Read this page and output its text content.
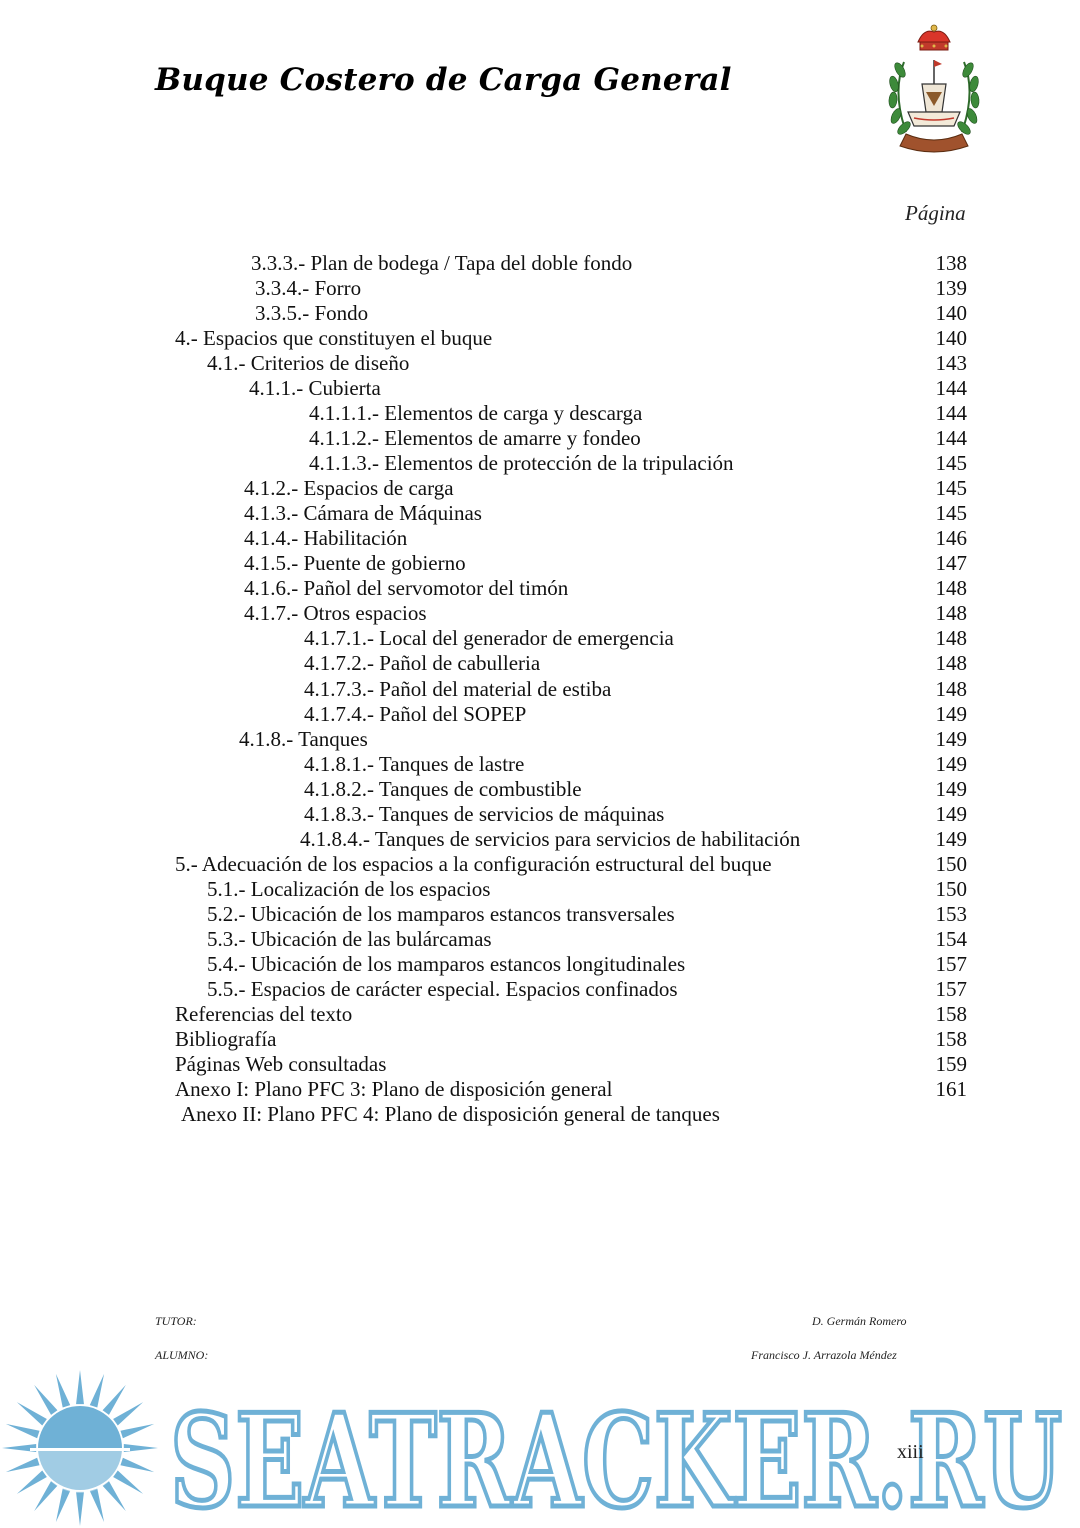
Buque Costero de Carga General
Página
3.3.3.- Plan de bodega / Tapa del doble fondo	138
3.3.4.- Forro	139
3.3.5.- Fondo	140
4.- Espacios que constituyen el buque	140
4.1.- Criterios de diseño	143
4.1.1.- Cubierta	144
4.1.1.1.- Elementos de carga y descarga	144
4.1.1.2.- Elementos de amarre y fondeo	144
4.1.1.3.- Elementos de protección de la tripulación	145
4.1.2.- Espacios de carga	145
4.1.3.- Cámara de Máquinas	145
4.1.4.- Habilitación	146
4.1.5.- Puente de gobierno	147
4.1.6.- Pañol del servomotor del timón	148
4.1.7.- Otros espacios	148
4.1.7.1.- Local del generador de emergencia	148
4.1.7.2.- Pañol de cabulleria	148
4.1.7.3.- Pañol del material de estiba	148
4.1.7.4.- Pañol del SOPEP	149
4.1.8.- Tanques	149
4.1.8.1.- Tanques de lastre	149
4.1.8.2.- Tanques de combustible	149
4.1.8.3.- Tanques de servicios de máquinas	149
4.1.8.4.- Tanques de servicios para servicios de habilitación	149
5.- Adecuación de los espacios a la configuración estructural del buque	150
5.1.- Localización de los espacios	150
5.2.- Ubicación de los mamparos estancos transversales	153
5.3.- Ubicación de las bulárcamas	154
5.4.- Ubicación de los mamparos estancos longitudinales	157
5.5.- Espacios de carácter especial. Espacios confinados	157
Referencias del texto	158
Bibliografía	158
Páginas Web consultadas	159
Anexo I: Plano PFC 3: Plano de disposición general	161
Anexo II: Plano PFC 4: Plano de disposición general de tanques
TUTOR:	D. Germán Romero
ALUMNO:	Francisco J. Arrazola Méndez
SEATRACKER.RU
xiii
